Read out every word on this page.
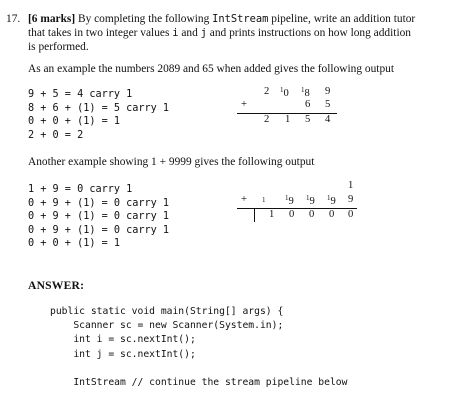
17. [6 marks] By completing the following IntStream pipeline, write an addition tutor
that takes in two integer values i and j and prints instructions on how long addition
is performed.
As an example the numbers 2089 and 65 when added gives the following output
9 + 5 = 4 carry 1
8 + 6 + (1) = 5 carry 1
0 + 0 + (1) = 1
2 + 0 = 2
2 $^1$0 $^1$8 9
+	6 5
2 1 5 4
Another example showing 1 + 9999 gives the following output
1 + 9 = 0 carry 1
0 + 9 + (1) = 0 carry 1
0 + 9 + (1) = 0 carry 1
0 + 9 + (1) = 0 carry 1
0 + 0 + (1) = 1
1
+ 1	$^1$9 $^1$9 $^1$9 9
1 0 0 0 0
ANSWER:
public static void main(String[] args) {
Scanner sc = new Scanner(System.in);
int i = sc.nextInt();
int j = sc.nextInt();
IntStream // continue the stream pipeline below
